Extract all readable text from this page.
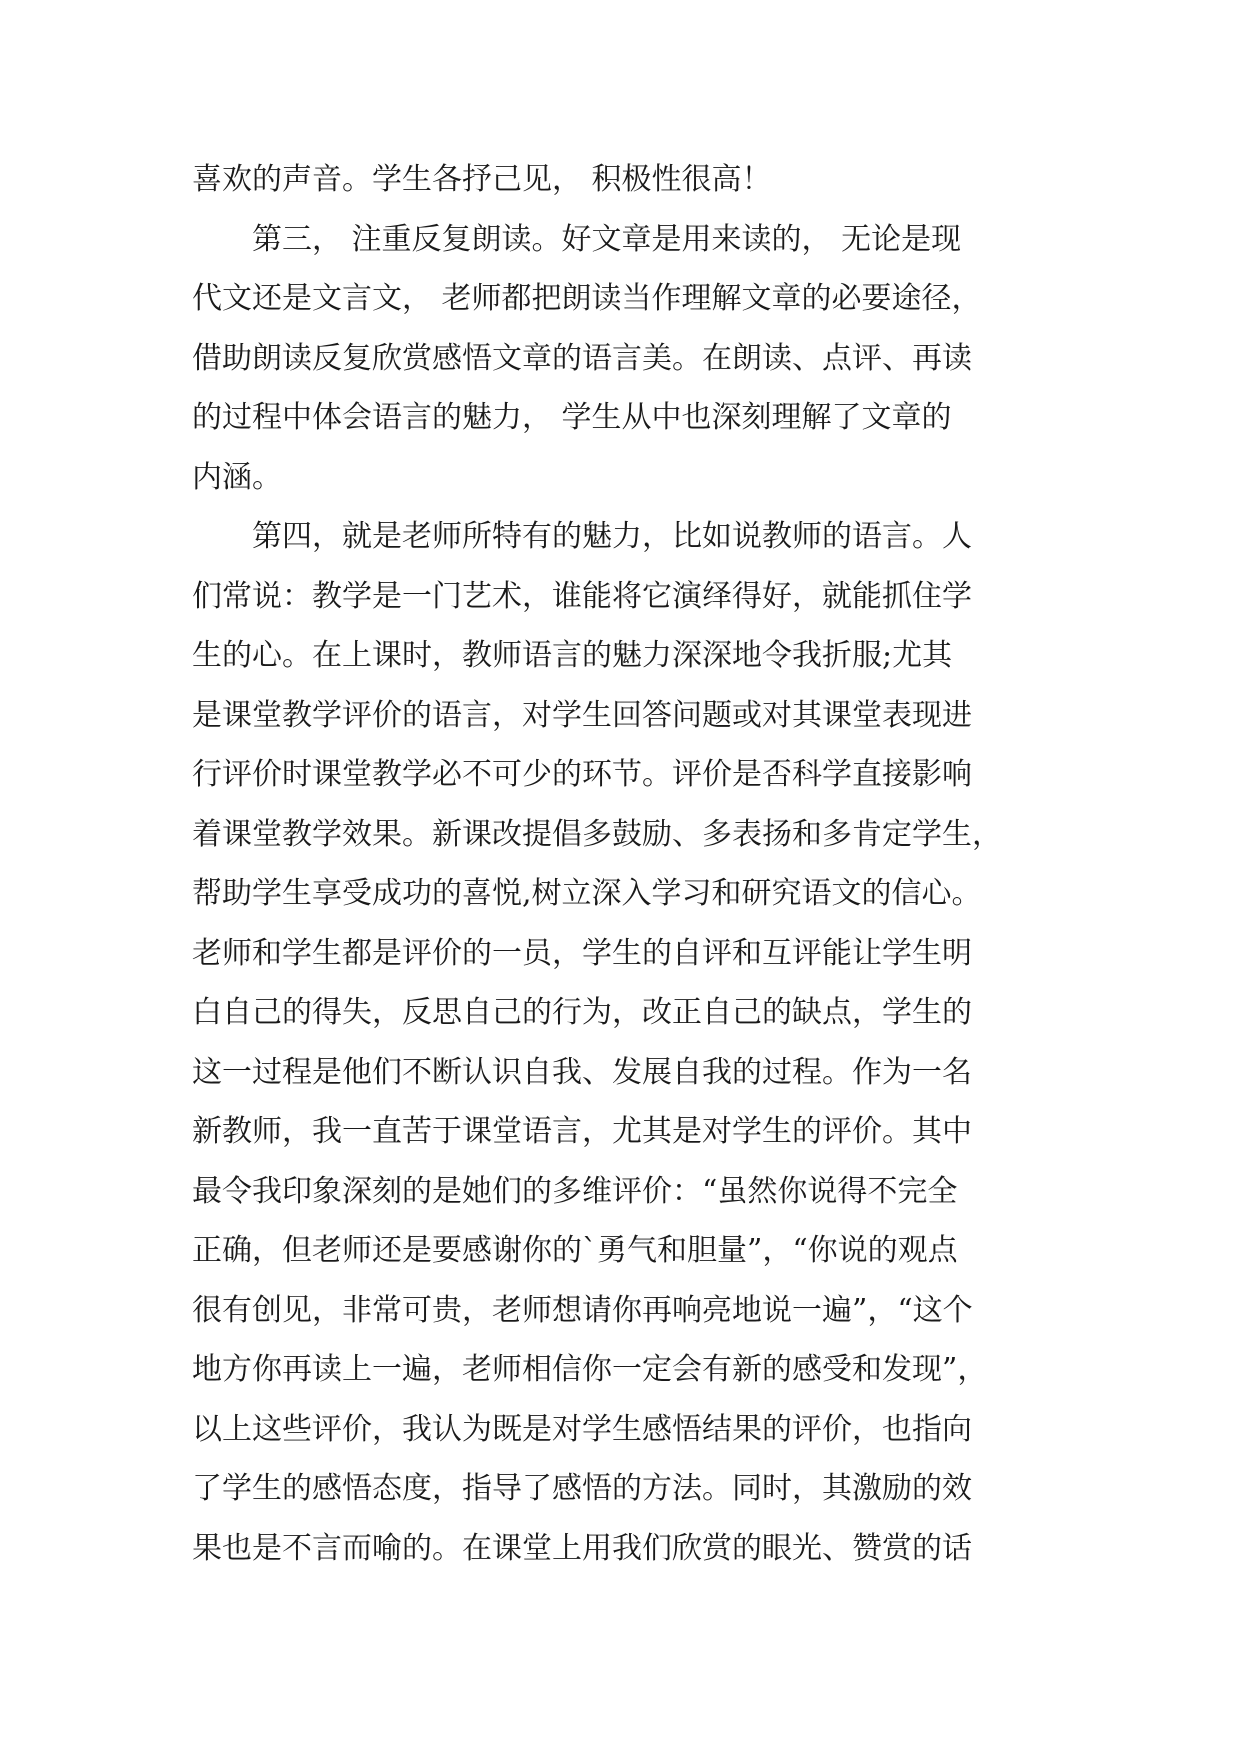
喜欢的声音。学生各抒己见， 积极性很高！
　　第三， 注重反复朗读。好文章是用来读的， 无论是现
代文还是文言文， 老师都把朗读当作理解文章的必要途径，
借助朗读反复欣赏感悟文章的语言美。在朗读、点评、再读
的过程中体会语言的魅力， 学生从中也深刻理解了文章的
内涵。
　　第四，就是老师所特有的魅力，比如说教师的语言。人
们常说：教学是一门艺术，谁能将它演绎得好，就能抓住学
生的心。在上课时，教师语言的魅力深深地令我折服;尤其
是课堂教学评价的语言，对学生回答问题或对其课堂表现进
行评价时课堂教学必不可少的环节。评价是否科学直接影响
着课堂教学效果。新课改提倡多鼓励、多表扬和多肯定学生，
帮助学生享受成功的喜悦,树立深入学习和研究语文的信心。
老师和学生都是评价的一员，学生的自评和互评能让学生明
白自己的得失，反思自己的行为，改正自己的缺点，学生的
这一过程是他们不断认识自我、发展自我的过程。作为一名
新教师，我一直苦于课堂语言，尤其是对学生的评价。其中
最令我印象深刻的是她们的多维评价：“虽然你说得不完全
正确，但老师还是要感谢你的`勇气和胆量”，“你说的观点
很有创见，非常可贵，老师想请你再响亮地说一遍”，“这个
地方你再读上一遍，老师相信你一定会有新的感受和发现”，
以上这些评价，我认为既是对学生感悟结果的评价，也指向
了学生的感悟态度，指导了感悟的方法。同时，其激励的效
果也是不言而喻的。在课堂上用我们欣赏的眼光、赞赏的话
